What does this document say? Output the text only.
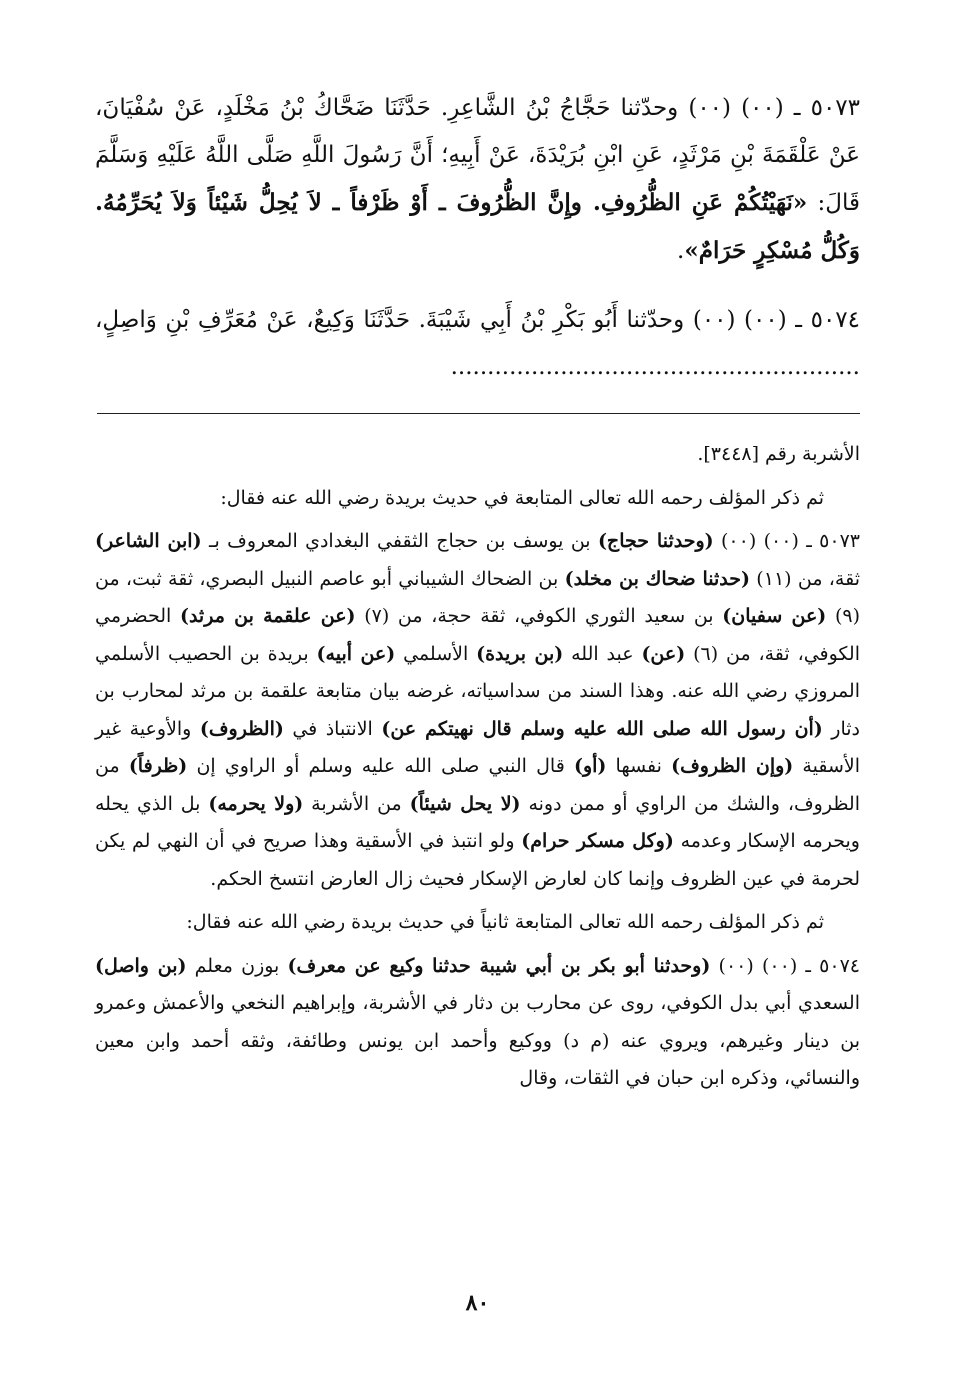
٥٠٧٣ ـ (٠٠) (٠٠) وحدّثنا حَجَّاجُ بْنُ الشَّاعِرِ. حَدَّثَنَا ضَحَّاكُ بْنُ مَخْلَدٍ، عَنْ سُفْيَانَ، عَنْ عَلْقَمَةَ بْنِ مَرْثَدٍ، عَنِ ابْنِ بُرَيْدَةَ، عَنْ أَبِيهِ؛ أَنَّ رَسُولَ اللَّهِ صَلَّى اللَّهُ عَلَيْهِ وَسَلَّمَ قَالَ: «نَهَيْتُكُمْ عَنِ الظُّرُوفِ. وإِنَّ الظُّرُوفَ ـ أَوْ ظَرْفاً ـ لاَ يُحِلُّ شَيْئاً وَلاَ يُحَرِّمُهُ. وَكُلُّ مُسْكِرٍ حَرَامٌ».

٥٠٧٤ ـ (٠٠) (٠٠) وحدّثنا أَبُو بَكْرِ بْنُ أَبِي شَيْبَةَ. حَدَّثَنَا وَكِيعٌ، عَنْ مُعَرِّفِ بْنِ وَاصِلٍ، ........................................................

الأشربة رقم [٣٤٤٨].

ثم ذكر المؤلف رحمه الله تعالى المتابعة في حديث بريدة رضي الله عنه فقال:

٥٠٧٣ ـ (٠٠) (٠٠) (وحدثنا حجاج) بن يوسف بن حجاج الثقفي البغدادي المعروف بـ (ابن الشاعر) ثقة، من (١١) (حدثنا ضحاك بن مخلد) بن الضحاك الشيباني أبو عاصم النبيل البصري، ثقة ثبت، من (٩) (عن سفيان) بن سعيد الثوري الكوفي، ثقة حجة، من (٧) (عن علقمة بن مرثد) الحضرمي الكوفي، ثقة، من (٦) (عن) عبد الله (بن بريدة) الأسلمي (عن أبيه) بريدة بن الحصيب الأسلمي المروزي رضي الله عنه. وهذا السند من سداسياته، غرضه بيان متابعة علقمة بن مرثد لمحارب بن دثار (أن رسول الله صلى الله عليه وسلم قال نهيتكم عن) الانتباذ في (الظروف) والأوعية غير الأسقية (وإن الظروف) نفسها (أو) قال النبي صلى الله عليه وسلم أو الراوي إن (ظرفاً) من الظروف، والشك من الراوي أو ممن دونه (لا يحل شيئاً) من الأشربة (ولا يحرمه) بل الذي يحله ويحرمه الإسكار وعدمه (وكل مسكر حرام) ولو انتبذ في الأسقية وهذا صريح في أن النهي لم يكن لحرمة في عين الظروف وإنما كان لعارض الإسكار فحيث زال العارض انتسخ الحكم.

ثم ذكر المؤلف رحمه الله تعالى المتابعة ثانياً في حديث بريدة رضي الله عنه فقال:

٥٠٧٤ ـ (٠٠) (٠٠) (وحدثنا أبو بكر بن أبي شيبة حدثنا وكيع عن معرف) بوزن معلم (بن واصل) السعدي أبي بدل الكوفي، روى عن محارب بن دثار في الأشربة، وإبراهيم النخعي والأعمش وعمرو بن دينار وغيرهم، ويروي عنه (م د) ووكيع وأحمد ابن يونس وطائفة، وثقه أحمد وابن معين والنسائي، وذكره ابن حبان في الثقات، وقال

٨٠
